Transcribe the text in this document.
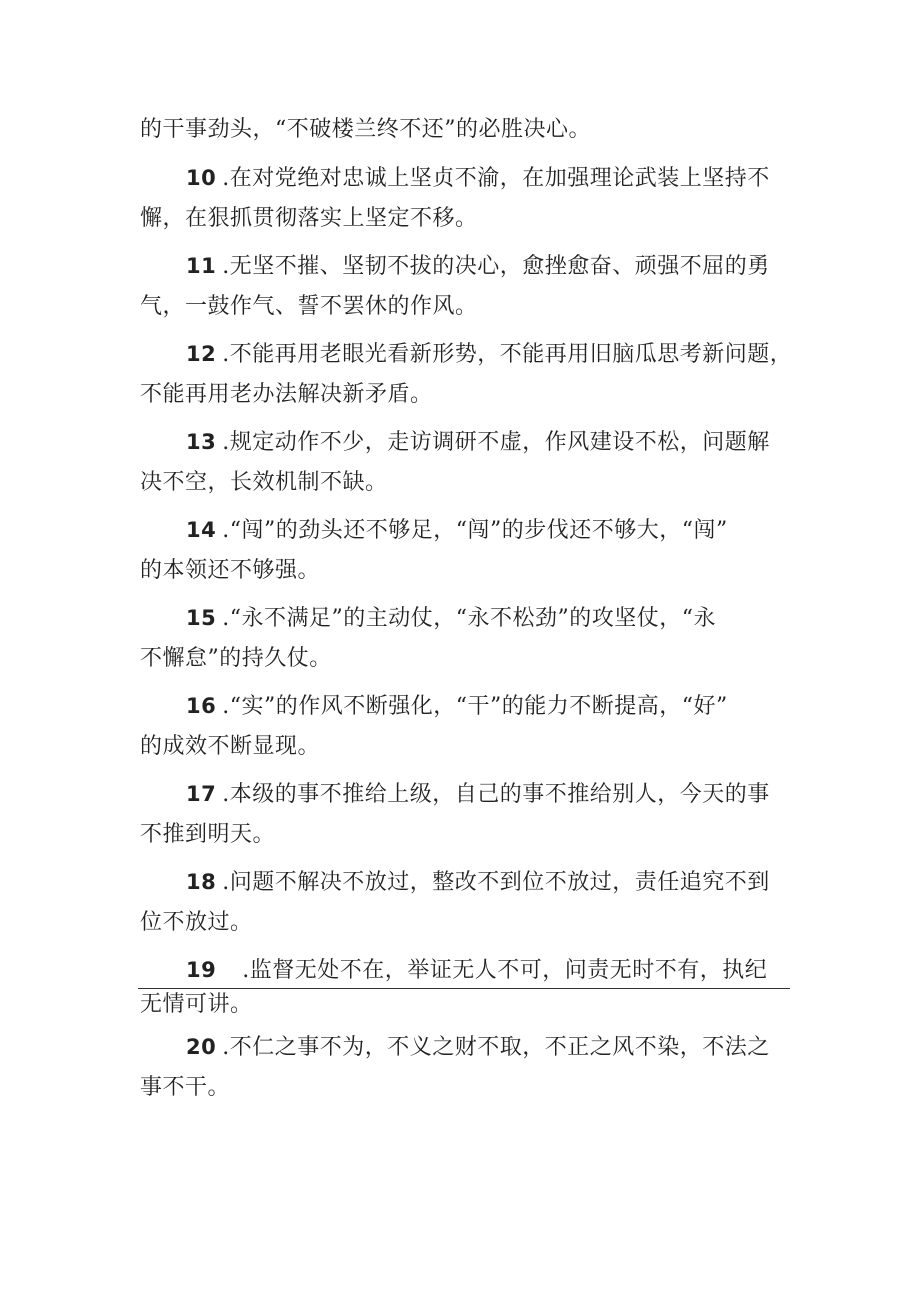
的干事劲头，“不破楼兰终不还”的必胜决心。
10 .在对党绝对忠诚上坚贞不渝，在加强理论武装上坚持不
懈，在狠抓贯彻落实上坚定不移。
11 .无坚不摧、坚韧不拔的决心，愈挫愈奋、顽强不屈的勇
气，一鼓作气、誓不罢休的作风。
12 .不能再用老眼光看新形势，不能再用旧脑瓜思考新问题，
不能再用老办法解决新矛盾。
13 .规定动作不少，走访调研不虚，作风建设不松，问题解
决不空，长效机制不缺。
14 .“闯”的劲头还不够足，“闯”的步伐还不够大，“闯”
的本领还不够强。
15 .“永不满足”的主动仗，“永不松劲”的攻坚仗，“永
不懈怠”的持久仗。
16 .“实”的作风不断强化，“干”的能力不断提高，“好”
的成效不断显现。
17 .本级的事不推给上级，自己的事不推给别人，今天的事
不推到明天。
18 .问题不解决不放过，整改不到位不放过，责任追究不到
位不放过。
19 .监督无处不在，举证无人不可，问责无时不有，执纪
无情可讲。
20 .不仁之事不为，不义之财不取，不正之风不染，不法之
事不干。
